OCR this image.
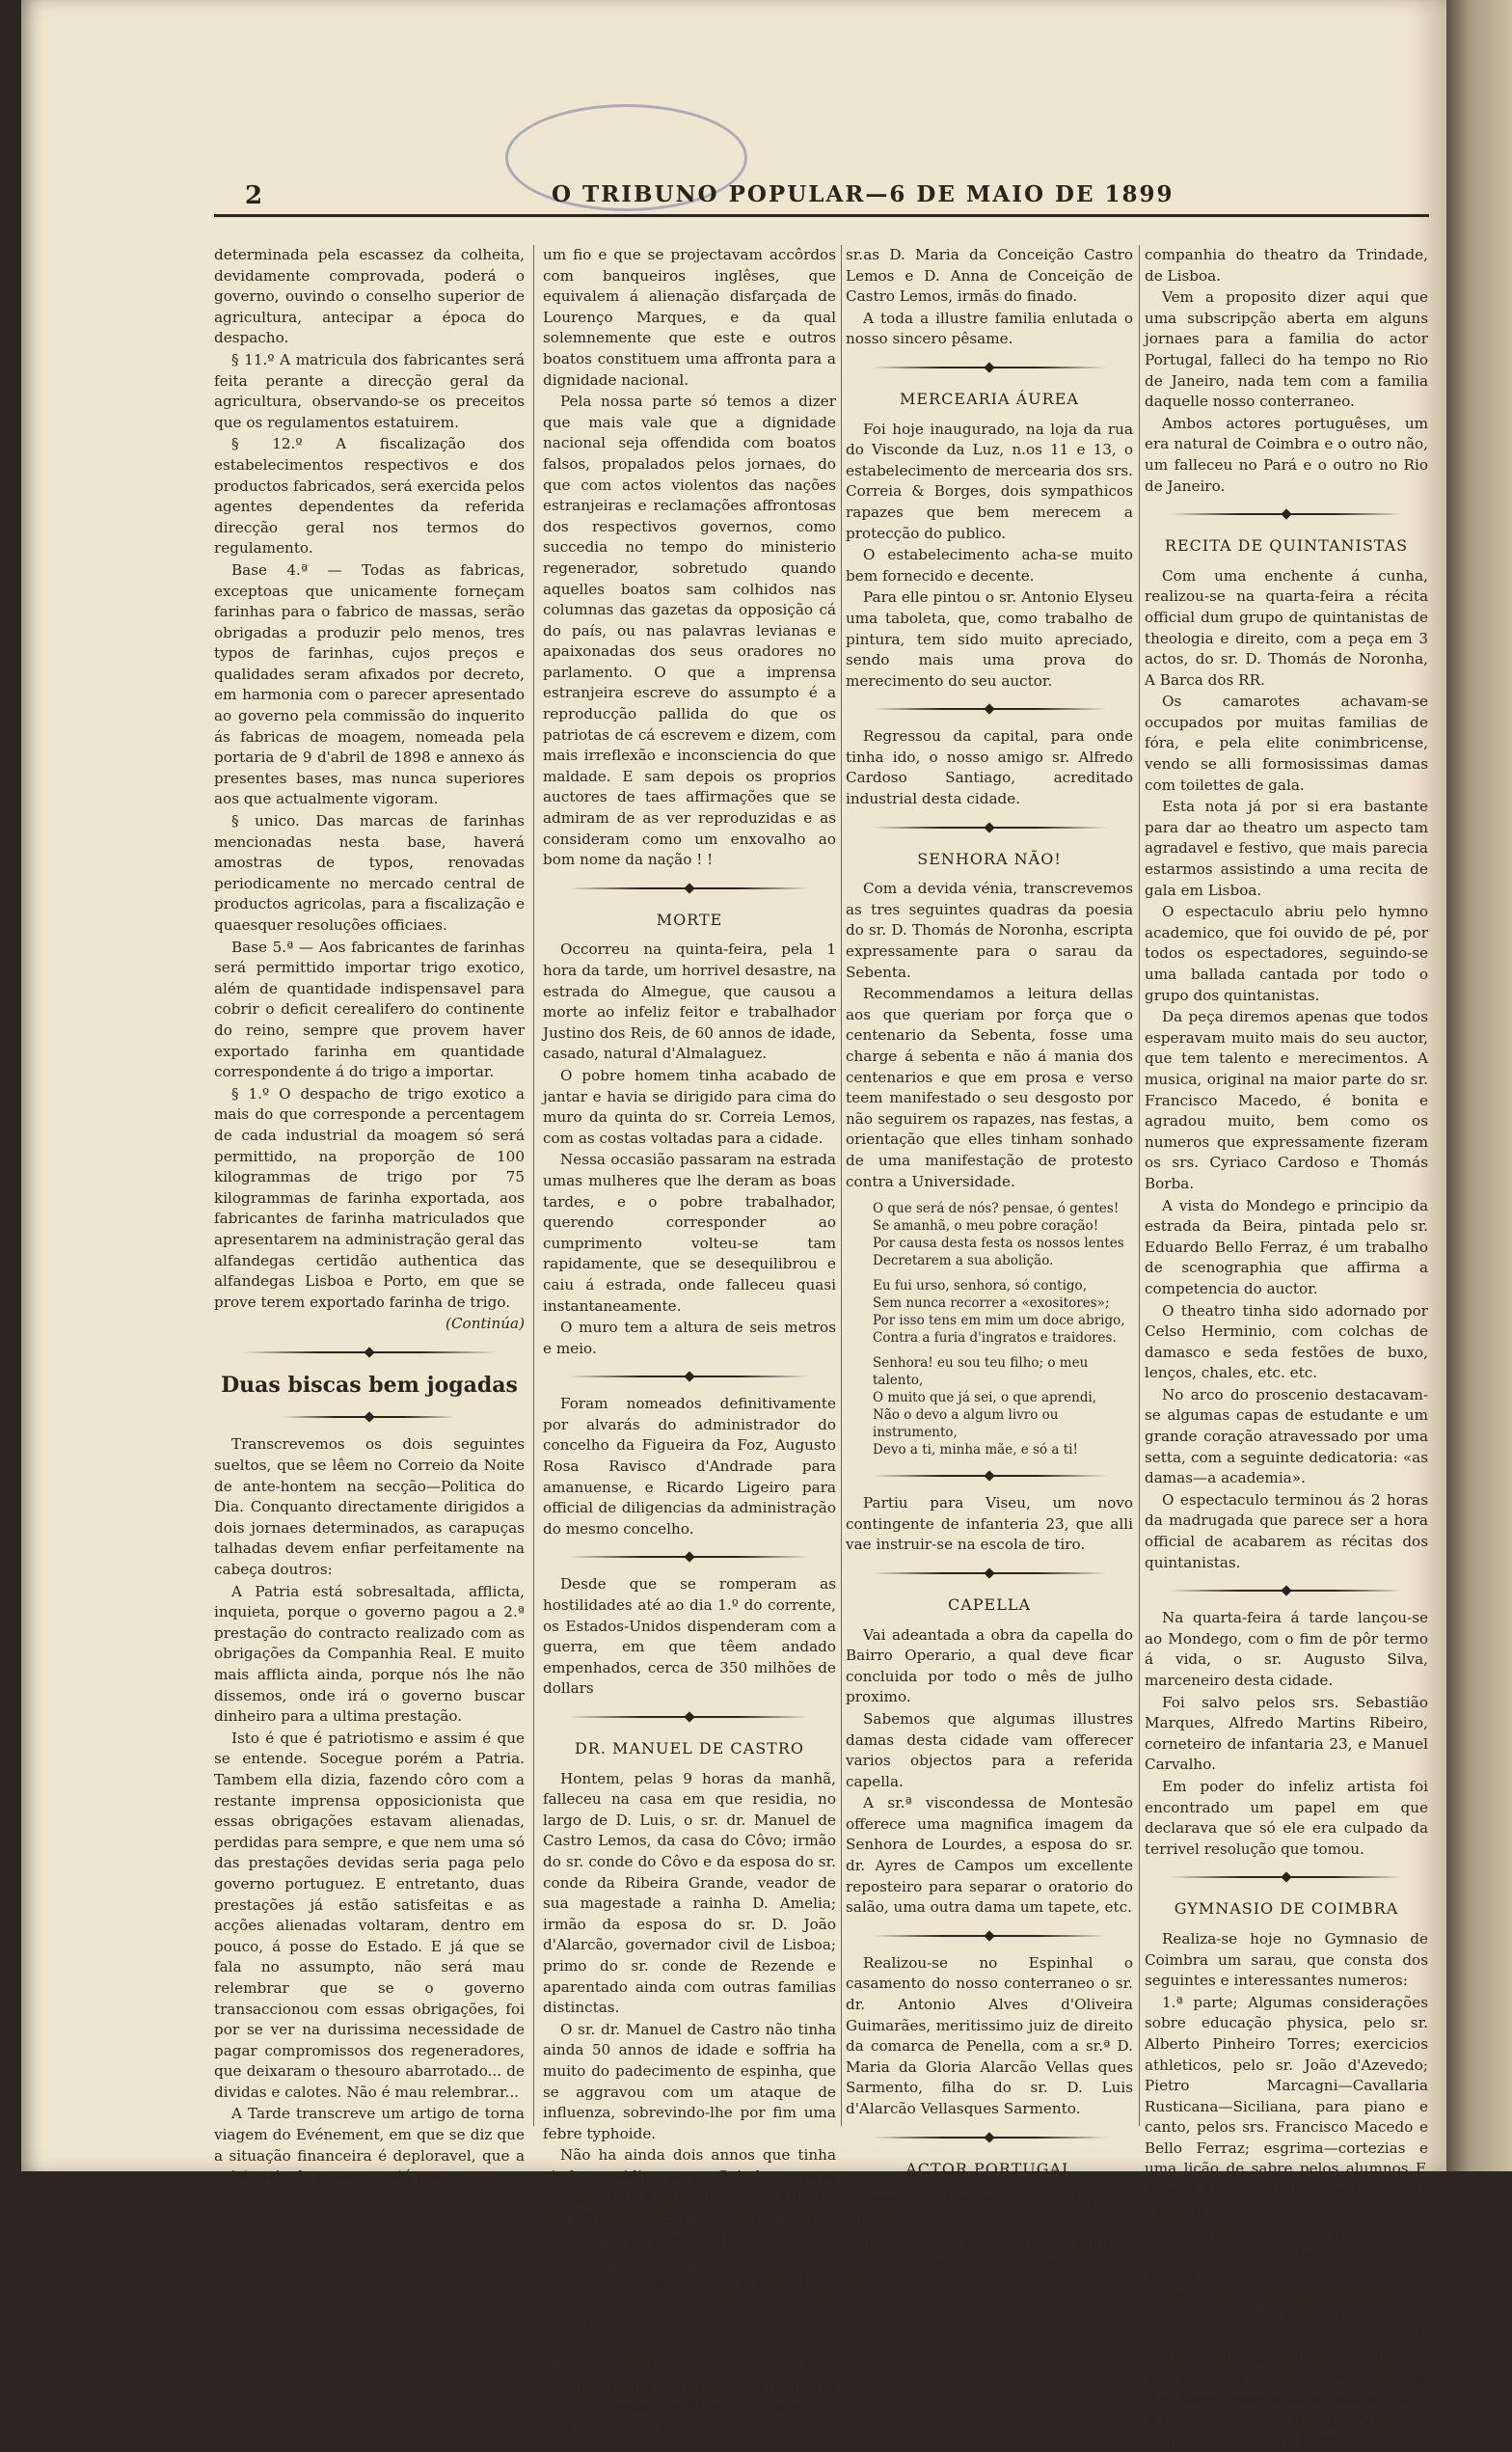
2	O TRIBUNO POPULAR—6 DE MAIO DE 1899

determinada pela escassez da colheita, devidamente comprovada, poderá o governo, ouvindo o conselho superior de agricultura, antecipar a época do despacho.

§ 11.º A matricula dos fabricantes será feita perante a direcção geral da agricultura, observando-se os preceitos que os regulamentos estatuirem.

§ 12.º A fiscalização dos estabelecimentos respectivos e dos productos fabricados, será exercida pelos agentes dependentes da referida direcção geral nos termos do regulamento.

Base 4.ª — Todas as fabricas, exceptoas que unicamente forneçam farinhas para o fabrico de massas, serão obrigadas a produzir pelo menos, tres typos de farinhas, cujos preços e qualidades seram afixados por decreto, em harmonia com o parecer apresentado ao governo pela commissão do inquerito ás fabricas de moagem, nomeada pela portaria de 9 d'abril de 1898 e annexo ás presentes bases, mas nunca superiores aos que actualmente vigoram.

§ unico. Das marcas de farinhas mencionadas nesta base, haverá amostras de typos, renovadas periodicamente no mercado central de productos agricolas, para a fiscalização e quaesquer resoluções officiaes.

Base 5.ª — Aos fabricantes de farinhas será permittido importar trigo exotico, além de quantidade indispensavel para cobrir o deficit cerealifero do continente do reino, sempre que provem haver exportado farinha em quantidade correspondente á do trigo a importar.

§ 1.º O despacho de trigo exotico a mais do que corresponde a percentagem de cada industrial da moagem só será permittido, na proporção de 100 kilogrammas de trigo por 75 kilogrammas de farinha exportada, aos fabricantes de farinha matriculados que apresentarem na administração geral das alfandegas certidão authentica das alfandegas Lisboa e Porto, em que se prove terem exportado farinha de trigo.

(Continúa)

Duas biscas bem jogadas

Transcrevemos os dois seguintes sueltos, que se lêem no Correio da Noite de ante-hontem na secção—Politica do Dia. Conquanto directamente dirigidos a dois jornaes determinados, as carapuças talhadas devem enfiar perfeitamente na cabeça doutros:

A Patria está sobresaltada, afflicta, inquieta, porque o governo pagou a 2.ª prestação do contracto realizado com as obrigações da Companhia Real. E muito mais afflicta ainda, porque nós lhe não dissemos, onde irá o governo buscar dinheiro para a ultima prestação.

Isto é que é patriotismo e assim é que se entende. Socegue porém a Patria. Tambem ella dizia, fazendo côro com a restante imprensa opposicionista que essas obrigações estavam alienadas, perdidas para sempre, e que nem uma só das prestações devidas seria paga pelo governo portuguez. E entretanto, duas prestações já estão satisfeitas e as acções alienadas voltaram, dentro em pouco, á posse do Estado. E já que se fala no assumpto, não será mau relembrar que se o governo transaccionou com essas obrigações, foi por se ver na durissima necessidade de pagar compromissos dos regeneradores, que deixaram o thesouro abarrotado... de dividas e calotes. Não é mau relembrar...

A Tarde transcreve um artigo de torna viagem do Evénement, em que se diz que a situação financeira é deploravel, que a existencia do governo está por

um fio e que se projectavam accôrdos com banqueiros inglêses, que equivalem á alienação disfarçada de Lourenço Marques, e da qual solemnemente que este e outros boatos constituem uma affronta para a dignidade nacional.

Pela nossa parte só temos a dizer que mais vale que a dignidade nacional seja offendida com boatos falsos, propalados pelos jornaes, do que com actos violentos das nações estranjeiras e reclamações affrontosas dos respectivos governos, como succedia no tempo do ministerio regenerador, sobretudo quando aquelles boatos sam colhidos nas columnas das gazetas da opposição cá do país, ou nas palavras levianas e apaixonadas dos seus oradores no parlamento. O que a imprensa estranjeira escreve do assumpto é a reproducção pallida do que os patriotas de cá escrevem e dizem, com mais irreflexão e inconsciencia do que maldade. E sam depois os proprios auctores de taes affirmações que se admiram de as ver reproduzidas e as consideram como um enxovalho ao bom nome da nação ! !

MORTE

Occorreu na quinta-feira, pela 1 hora da tarde, um horrivel desastre, na estrada do Almegue, que causou a morte ao infeliz feitor e trabalhador Justino dos Reis, de 60 annos de idade, casado, natural d'Almalaguez.

O pobre homem tinha acabado de jantar e havia se dirigido para cima do muro da quinta do sr. Correia Lemos, com as costas voltadas para a cidade.

Nessa occasião passaram na estrada umas mulheres que lhe deram as boas tardes, e o pobre trabalhador, querendo corresponder ao cumprimento volteu-se tam rapidamente, que se desequilibrou e caiu á estrada, onde falleceu quasi instantaneamente.

O muro tem a altura de seis metros e meio.

Foram nomeados definitivamente por alvarás do administrador do concelho da Figueira da Foz, Augusto Rosa Ravisco d'Andrade para amanuense, e Ricardo Ligeiro para official de diligencias da administração do mesmo concelho.

Desde que se romperam as hostilidades até ao dia 1.º do corrente, os Estados-Unidos dispenderam com a guerra, em que têem andado empenhados, cerca de 350 milhões de dollars

DR. MANUEL DE CASTRO

Hontem, pelas 9 horas da manhã, falleceu na casa em que residia, no largo de D. Luis, o sr. dr. Manuel de Castro Lemos, da casa do Côvo; irmão do sr. conde do Côvo e da esposa do sr. conde da Ribeira Grande, veador de sua magestade a rainha D. Amelia; irmão da esposa do sr. D. João d'Alarcão, governador civil de Lisboa; primo do sr. conde de Rezende e aparentado ainda com outras familias distinctas.

O sr. dr. Manuel de Castro não tinha ainda 50 annos de idade e soffria ha muito do padecimento de espinha, que se aggravou com um ataque de influenza, sobrevindo-lhe por fim uma febre typhoide.

Não ha ainda dois annos que tinha vindo residir para Coimbra, para acompanhar a educação litteraria de seu filho Sebastião de Castro Lemos, alumno do 1.º anno de direito.

O cadaver foi hoje trasladado para a Sé, devendo seguir de madrugada para Oliveira d'Azemeis, para alli ser depositado no respectivo jazigo de familia.

Em virtude deste triste acontecimento acham-se em Coimbra os srs. Conde da Ribeira Grande, D. João d'Alarcão, e as

sr.as D. Maria da Conceição Castro Lemos e D. Anna de Conceição de Castro Lemos, irmãs do finado.

A toda a illustre familia enlutada o nosso sincero pêsame.

MERCEARIA ÁUREA

Foi hoje inaugurado, na loja da rua do Visconde da Luz, n.os 11 e 13, o estabelecimento de mercearia dos srs. Correia & Borges, dois sympathicos rapazes que bem merecem a protecção do publico.

O estabelecimento acha-se muito bem fornecido e decente.

Para elle pintou o sr. Antonio Elyseu uma taboleta, que, como trabalho de pintura, tem sido muito apreciado, sendo mais uma prova do merecimento do seu auctor.

Regressou da capital, para onde tinha ido, o nosso amigo sr. Alfredo Cardoso Santiago, acreditado industrial desta cidade.

SENHORA NÃO!

Com a devida vénia, transcrevemos as tres seguintes quadras da poesia do sr. D. Thomás de Noronha, escripta expressamente para o sarau da Sebenta.

Recommendamos a leitura dellas aos que queriam por força que o centenario da Sebenta, fosse uma charge á sebenta e não á mania dos centenarios e que em prosa e verso teem manifestado o seu desgosto por não seguirem os rapazes, nas festas, a orientação que elles tinham sonhado de uma manifestação de protesto contra a Universidade.

O que será de nós? pensae, ó gentes!
Se amanhã, o meu pobre coração!
Por causa desta festa os nossos lentes
Decretarem a sua abolição.
Eu fui urso, senhora, só contigo,
Sem nunca recorrer a «exositores»;
Por isso tens em mim um doce abrigo,
Contra a furia d'ingratos e traidores.
Senhora! eu sou teu filho; o meu talento,
O muito que já sei, o que aprendi,
Não o devo a algum livro ou instrumento,
Devo a ti, minha mãe, e só a ti!

Partiu para Viseu, um novo contingente de infanteria 23, que alli vae instruir-se na escola de tiro.

CAPELLA

Vai adeantada a obra da capella do Bairro Operario, a qual deve ficar concluida por todo o mês de julho proximo.

Sabemos que algumas illustres damas desta cidade vam offerecer varios objectos para a referida capella.

A sr.ª viscondessa de Montesão offerece uma magnifica imagem da Senhora de Lourdes, a esposa do sr. dr. Ayres de Campos um excellente reposteiro para separar o oratorio do salão, uma outra dama um tapete, etc.

Realizou-se no Espinhal o casamento do nosso conterraneo o sr. dr. Antonio Alves d'Oliveira Guimarães, meritissimo juiz de direito da comarca de Penella, com a sr.ª D. Maria da Gloria Alarcão Vellas ques Sarmento, filha do sr. D. Luis d'Alarcão Vellasques Sarmento.

ACTOR PORTUGAL

Passou hontem o terceiro anniversario da morte do nosso saudoso patricio e amigo Antonio Portugal, fallecido subitamente no Pará, onde se achava com a

companhia do theatro da Trindade, de Lisboa.

Vem a proposito dizer aqui que uma subscripção aberta em alguns jornaes para a familia do actor Portugal, falleci do ha tempo no Rio de Janeiro, nada tem com a familia daquelle nosso conterraneo.

Ambos actores portuguêses, um era natural de Coimbra e o outro não, um falleceu no Pará e o outro no Rio de Janeiro.

RECITA DE QUINTANISTAS

Com uma enchente á cunha, realizou-se na quarta-feira a récita official dum grupo de quintanistas de theologia e direito, com a peça em 3 actos, do sr. D. Thomás de Noronha, A Barca dos RR.

Os camarotes achavam-se occupados por muitas familias de fóra, e pela elite conimbricense, vendo se alli formosissimas damas com toilettes de gala.

Esta nota já por si era bastante para dar ao theatro um aspecto tam agradavel e festivo, que mais parecia estarmos assistindo a uma recita de gala em Lisboa.

O espectaculo abriu pelo hymno academico, que foi ouvido de pé, por todos os espectadores, seguindo-se uma ballada cantada por todo o grupo dos quintanistas.

Da peça diremos apenas que todos esperavam muito mais do seu auctor, que tem talento e merecimentos. A musica, original na maior parte do sr. Francisco Macedo, é bonita e agradou muito, bem como os numeros que expressamente fizeram os srs. Cyriaco Cardoso e Thomás Borba.

A vista do Mondego e principio da estrada da Beira, pintada pelo sr. Eduardo Bello Ferraz, é um trabalho de scenographia que affirma a competencia do auctor.

O theatro tinha sido adornado por Celso Herminio, com colchas de damasco e seda festões de buxo, lenços, chales, etc. etc.

No arco do proscenio destacavam-se algumas capas de estudante e um grande coração atravessado por uma setta, com a seguinte dedicatoria: «as damas—a academia».

O espectaculo terminou ás 2 horas da madrugada que parece ser a hora official de acabarem as récitas dos quintanistas.

Na quarta-feira á tarde lançou-se ao Mondego, com o fim de pôr termo á vida, o sr. Augusto Silva, marceneiro desta cidade.

Foi salvo pelos srs. Sebastião Marques, Alfredo Martins Ribeiro, corneteiro de infantaria 23, e Manuel Carvalho.

Em poder do infeliz artista foi encontrado um papel em que declarava que só ele era culpado da terrivel resolução que tomou.

GYMNASIO DE COIMBRA

Realiza-se hoje no Gymnasio de Coimbra um sarau, que consta dos seguintes e interessantes numeros:

1.ª parte; Algumas considerações sobre educação physica, pelo sr. Alberto Pinheiro Torres; exercicios athleticos, pelo sr. João d'Azevedo; Pietro Marcagni—Cavallaria Rusticana—Siciliana, para piano e canto, pelos srs. Francisco Macedo e Bello Ferraz; esgrima—cortezias e uma lição de sabre pelos alumnos F. Pimentel e Raul Monteiro de Carvalho.

2.ª parte Exercicios de bicycleta commum pelos srs. Tavares de Mello; Augusto Samie—L'Exile—solo de violino com acompanhamento de piano, pelos srs. Mario Ochoa e A. Tinoco; para lelas, pelos srs. P. Seabra, Aguiar, Azevedo, Tinoco J. Manso e A. Manso; Andante de Beethoven, para violino, violoncello e piano, pelos srs. Ribeiro Alves, A. Marques, M. Gayo e F. Macedo.
